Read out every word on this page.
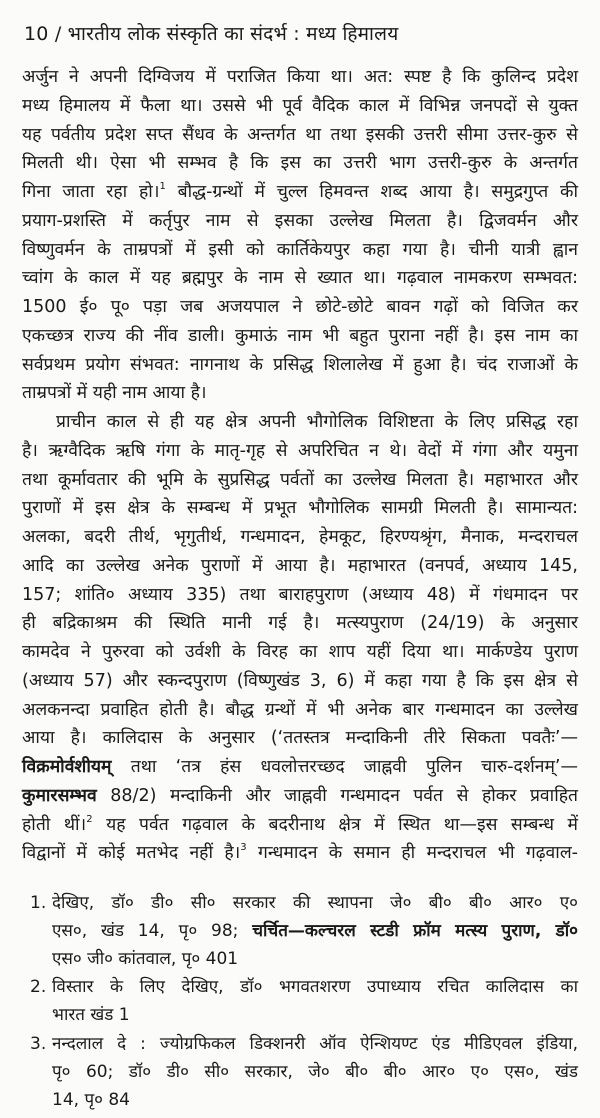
10 / भारतीय लोक संस्कृति का संदर्भ : मध्य हिमालय
अर्जुन ने अपनी दिग्विजय में पराजित किया था। अत: स्पष्ट है कि कुलिन्द प्रदेश
मध्य हिमालय में फैला था। उससे भी पूर्व वैदिक काल में विभिन्न जनपदों से युक्त
यह पर्वतीय प्रदेश सप्त सैंधव के अन्तर्गत था तथा इसकी उत्तरी सीमा उत्तर-कुरु से
मिलती थी। ऐसा भी सम्भव है कि इस का उत्तरी भाग उत्तरी-कुरु के अन्तर्गत
गिना जाता रहा हो।$^1$ बौद्ध-ग्रन्थों में चुल्ल हिमवन्त शब्द आया है। समुद्रगुप्त की
प्रयाग-प्रशस्ति में कर्तृपुर नाम से इसका उल्लेख मिलता है। द्विजवर्मन और
विष्णुवर्मन के ताम्रपत्रों में इसी को कार्तिकेयपुर कहा गया है। चीनी यात्री ह्वान
च्वांग के काल में यह ब्रह्मपुर के नाम से ख्यात था। गढ़वाल नामकरण सम्भवत:
1500 ई० पू० पड़ा जब अजयपाल ने छोटे-छोटे बावन गढ़ों को विजित कर
एकच्छत्र राज्य की नींव डाली। कुमाऊं नाम भी बहुत पुराना नहीं है। इस नाम का
सर्वप्रथम प्रयोग संभवत: नागनाथ के प्रसिद्ध शिलालेख में हुआ है। चंद राजाओं के
ताम्रपत्रों में यही नाम आया है।
प्राचीन काल से ही यह क्षेत्र अपनी भौगोलिक विशिष्टता के लिए प्रसिद्ध रहा
है। ऋग्वैदिक ऋषि गंगा के मातृ-गृह से अपरिचित न थे। वेदों में गंगा और यमुना
तथा कूर्मावतार की भूमि के सुप्रसिद्ध पर्वतों का उल्लेख मिलता है। महाभारत और
पुराणों में इस क्षेत्र के सम्बन्ध में प्रभूत भौगोलिक सामग्री मिलती है। सामान्यत:
अलका, बदरी तीर्थ, भृगुतीर्थ, गन्धमादन, हेमकूट, हिरण्यश्रृंग, मैनाक, मन्दराचल
आदि का उल्लेख अनेक पुराणों में आया है। महाभारत (वनपर्व, अध्याय 145,
157; शांति० अध्याय 335) तथा बाराहपुराण (अध्याय 48) में गंधमादन पर
ही बद्रिकाश्रम की स्थिति मानी गई है। मत्स्यपुराण (24/19) के अनुसार
कामदेव ने पुरुरवा को उर्वशी के विरह का शाप यहीं दिया था। मार्कण्डेय पुराण
(अध्याय 57) और स्कन्दपुराण (विष्णुखंड 3, 6) में कहा गया है कि इस क्षेत्र से
अलकनन्दा प्रवाहित होती है। बौद्ध ग्रन्थों में भी अनेक बार गन्धमादन का उल्लेख
आया है। कालिदास के अनुसार (‘ततस्तत्र मन्दाकिनी तीरे सिकता पवतैः’—
विक्रमोर्वशीयम् तथा ‘तत्र हंस धवलोत्तरच्छद जाह्नवी पुलिन चारु-दर्शनम्’—
कुमारसम्भव 88/2) मन्दाकिनी और जाह्नवी गन्धमादन पर्वत से होकर प्रवाहित
होती थीं।$^2$ यह पर्वत गढ़वाल के बदरीनाथ क्षेत्र में स्थित था—इस सम्बन्ध में
विद्वानों में कोई मतभेद नहीं है।$^3$ गन्धमादन के समान ही मन्दराचल भी गढ़वाल-
1. देखिए, डॉ० डी० सी० सरकार की स्थापना जे० बी० बी० आर० ए०
एस०, खंड 14, पृ० 98; चर्चित—कल्चरल स्टडी फ्रॉम मत्स्य पुराण, डॉ०
एस० जी० कांतवाल, पृ० 401
2. विस्तार के लिए देखिए, डॉ० भगवतशरण उपाध्याय रचित कालिदास का
भारत खंड 1
3. नन्दलाल दे : ज्योग्रफिकल डिक्शनरी ऑव ऐन्शियण्ट एंड मीडिएवल इंडिया,
पृ० 60; डॉ० डी० सी० सरकार, जे० बी० बी० आर० ए० एस०, खंड
14, पृ० 84
